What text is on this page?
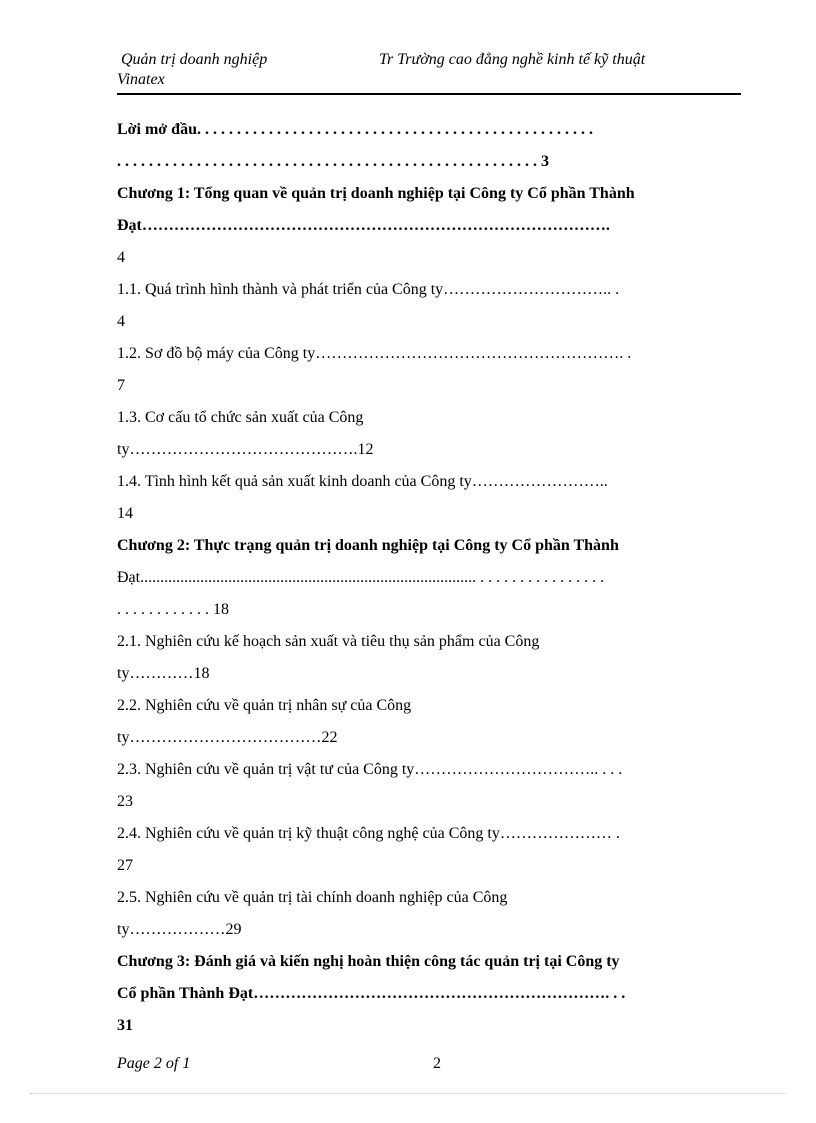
Quản trị doanh nghiệp
Vinatex
Tr Trường cao đẳng nghề kinh tế kỹ thuật
Lời mở đầu. . . . . . . . . . . . . . . . . . . . . . . . . . . . . . . . . . . . . . . . . . . . . . . . . .
. . . . . . . . . . . . . . . . . . . . . . . . . . . . . . . . . . . . . . . . . . . . . . . . . . . . . 3
Chương 1: Tổng quan về quản trị doanh nghiệp tại Công ty Cổ phần Thành
Đạt…………………………………………………………………………….
4
1.1. Quá trình hình thành và phát triển của Công ty………………………….. .
4
1.2. Sơ đồ bộ máy của Công ty…………………………………………………. .
7
1.3. Cơ cấu tổ chức sản xuất của Công
ty…………………………………….12
1.4. Tình hình kết quả sản xuất kinh doanh của Công ty……………………..
14
Chương 2: Thực trạng quản trị doanh nghiệp tại Công ty Cổ phần Thành
Đạt.................................................................................... . . . . . . . . . . . . . . . .
. . . . . . . . . . . . 18
2.1. Nghiên cứu kế hoạch sản xuất và tiêu thụ sản phẩm của Công
ty…………18
2.2. Nghiên cứu về quản trị nhân sự của Công
ty………………………………22
2.3. Nghiên cứu về quản trị vật tư của Công ty…………………………….. . . .
23
2.4. Nghiên cứu về quản trị kỹ thuật công nghệ của Công ty………………… .
27
2.5. Nghiên cứu về quản trị tài chính doanh nghiệp của Công
ty………………29
Chương 3: Đánh giá và kiến nghị hoàn thiện công tác quản trị tại Công ty
Cổ phần Thành Đạt…………………………………………………………. . .
31
Page 2 of 1	2
